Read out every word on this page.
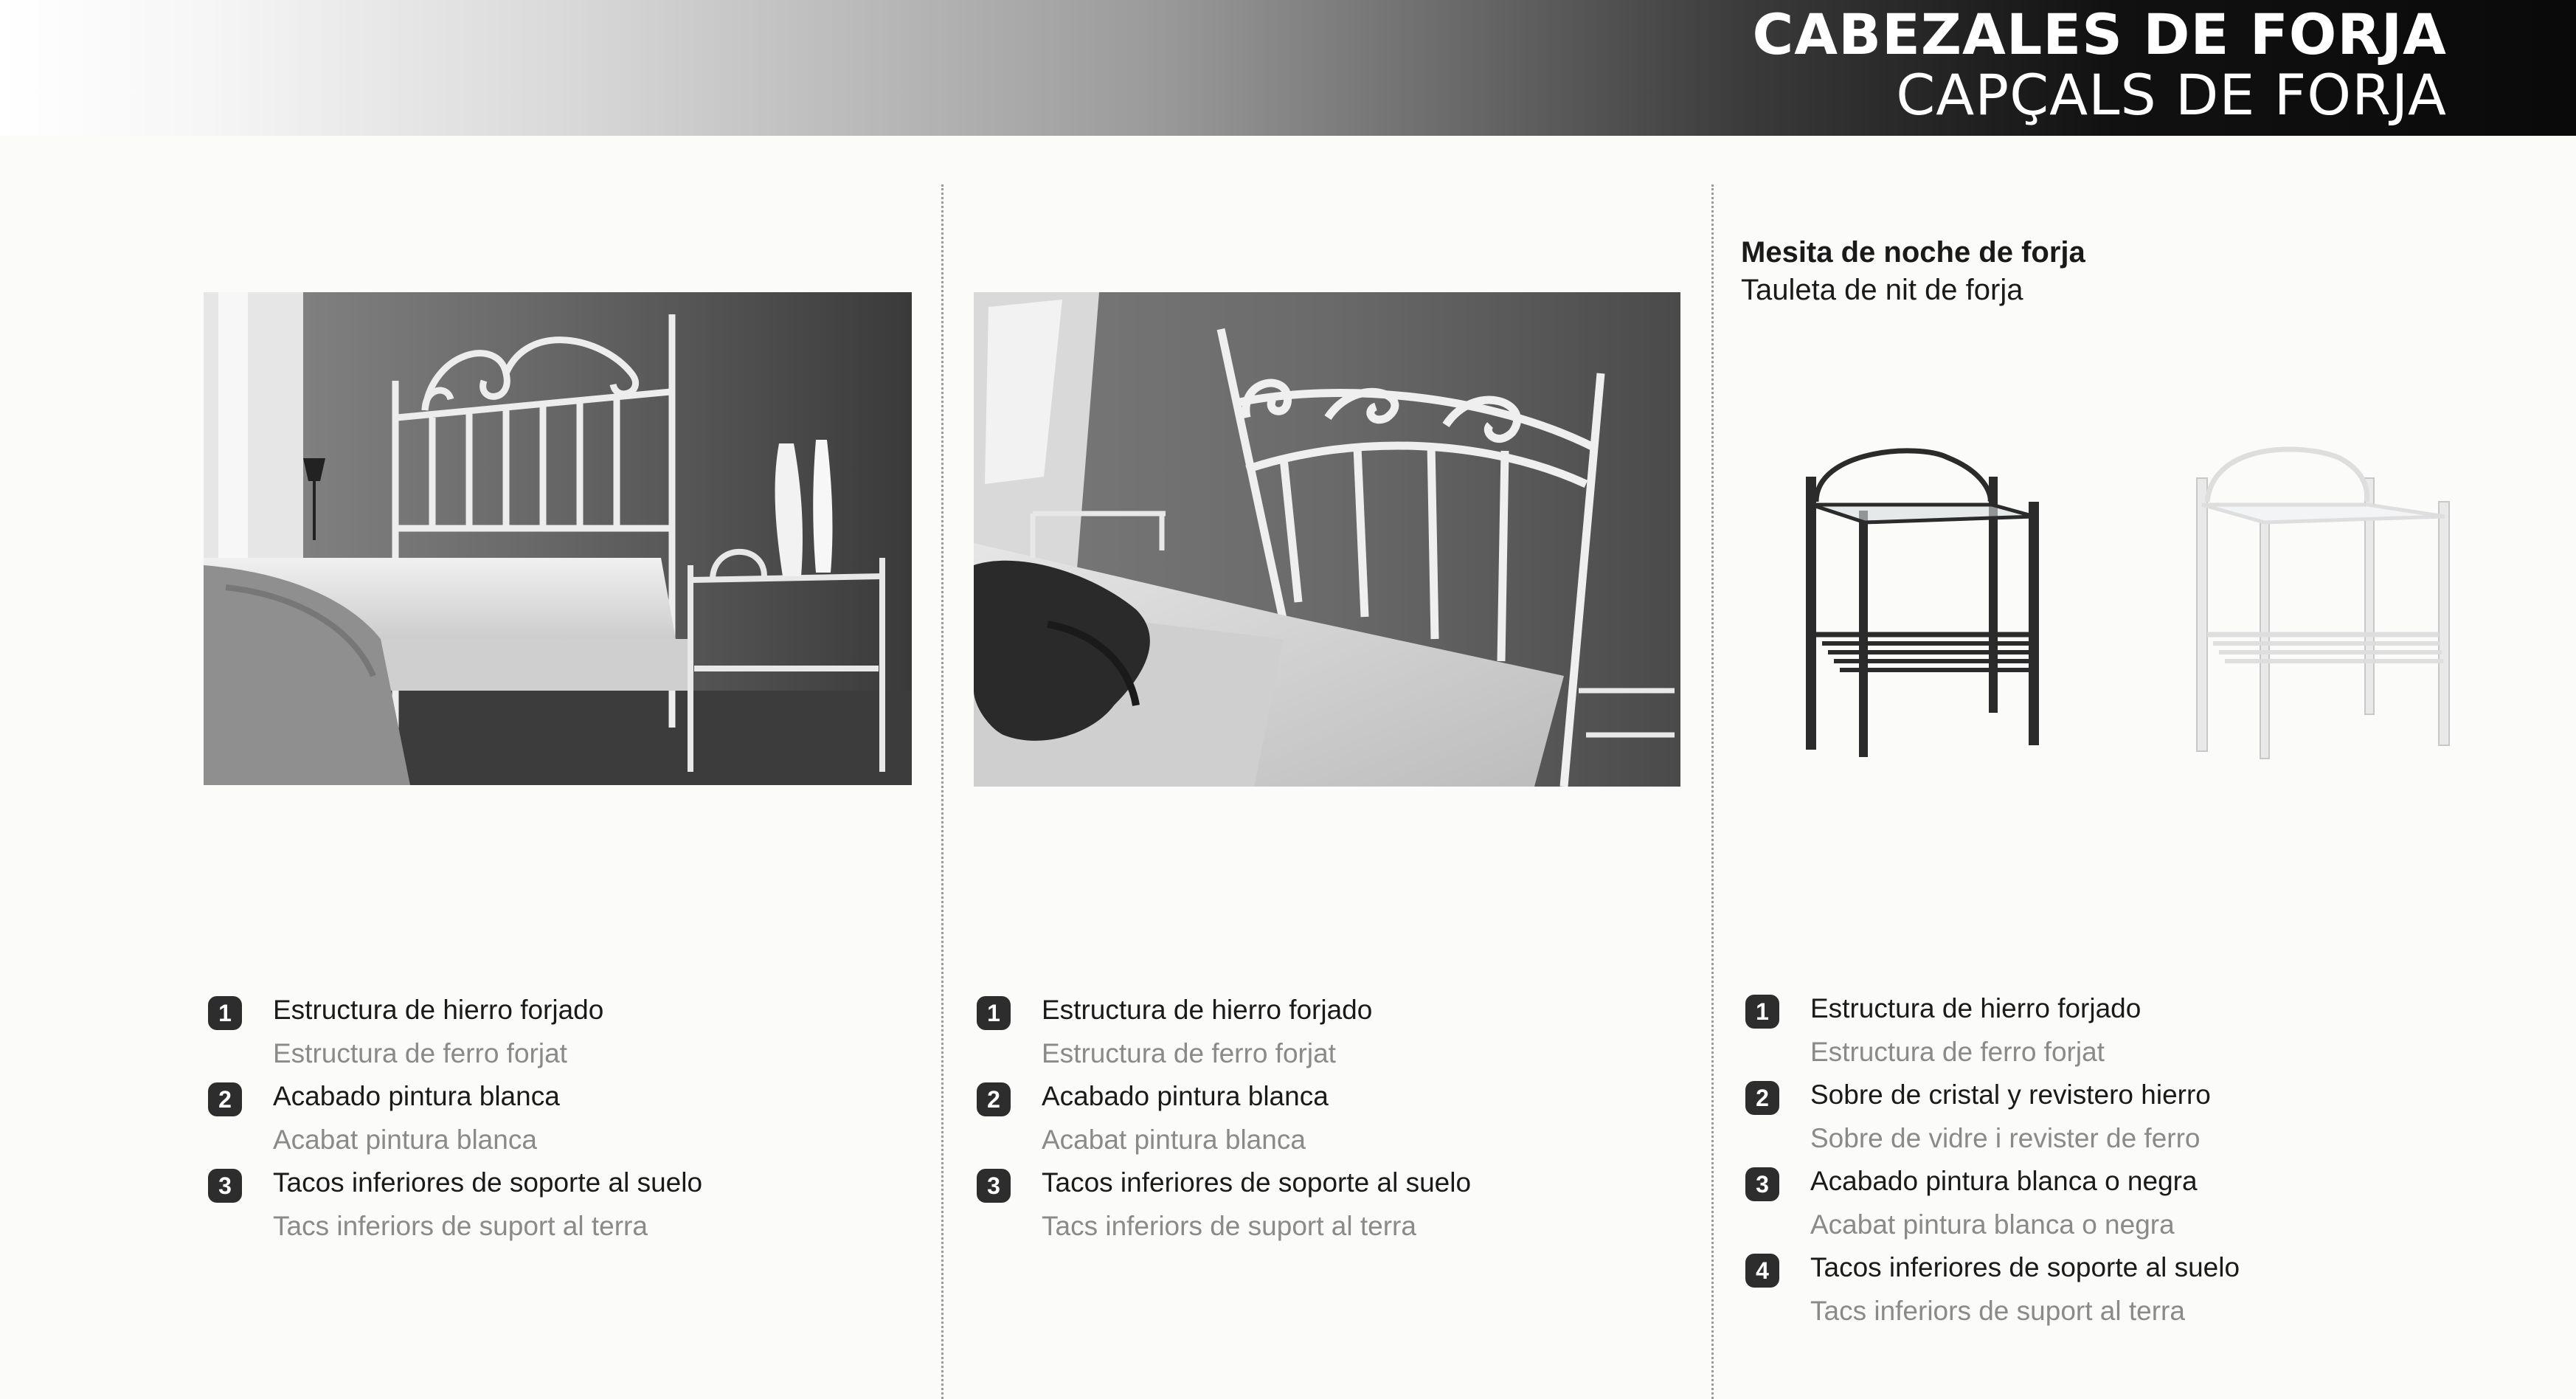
CABEZALES DE FORJA
CAPÇALS DE FORJA
Mesita de noche de forja
Tauleta de nit de forja
1	Estructura de hierro forjado
Estructura de ferro forjat
2	Acabado pintura blanca
Acabat pintura blanca
3	Tacos inferiores de soporte al suelo
Tacs inferiors de suport al terra
1	Estructura de hierro forjado
Estructura de ferro forjat
2	Acabado pintura blanca
Acabat pintura blanca
3	Tacos inferiores de soporte al suelo
Tacs inferiors de suport al terra
1	Estructura de hierro forjado
Estructura de ferro forjat
2	Sobre de cristal y revistero hierro
Sobre de vidre i revister de ferro
3	Acabado pintura blanca o negra
Acabat pintura blanca o negra
4	Tacos inferiores de soporte al suelo
Tacs inferiors de suport al terra
